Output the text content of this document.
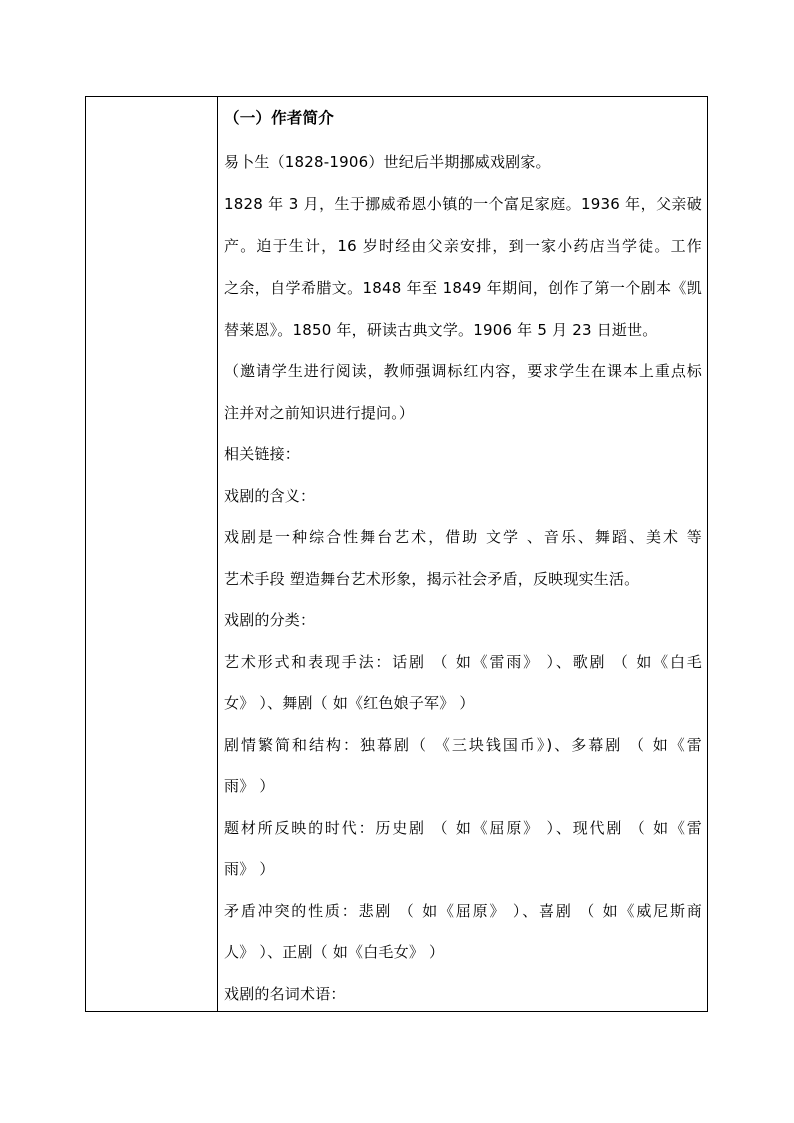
（一）作者简介
易卜生（1828-1906）世纪后半期挪威戏剧家。
1828 年 3 月，生于挪威希恩小镇的一个富足家庭。1936 年，父亲破
产。迫于生计，16 岁时经由父亲安排，到一家小药店当学徒。工作
之余，自学希腊文。1848 年至 1849 年期间，创作了第一个剧本《凯
替莱恩》。1850 年，研读古典文学。1906 年 5 月 23 日逝世。
（邀请学生进行阅读，教师强调标红内容，要求学生在课本上重点标
注并对之前知识进行提问。）
相关链接：
戏剧的含义：
戏剧是一种综合性舞台艺术，借助 文学 、音乐、舞蹈、美术 等
艺术手段 塑造舞台艺术形象，揭示社会矛盾，反映现实生活。
戏剧的分类：
艺术形式和表现手法：话剧 （ 如《雷雨》 ）、歌剧 （ 如《白毛
女》 ）、舞剧（ 如《红色娘子军》 ）
剧情繁简和结构：独幕剧（ 《三块钱国币》)、多幕剧 （ 如《雷
雨》 ）
题材所反映的时代：历史剧 （ 如《屈原》 ）、现代剧 （ 如《雷
雨》 ）
矛盾冲突的性质：悲剧 （ 如《屈原》 ）、喜剧 （ 如《威尼斯商
人》 ）、正剧（ 如《白毛女》 ）
戏剧的名词术语：
